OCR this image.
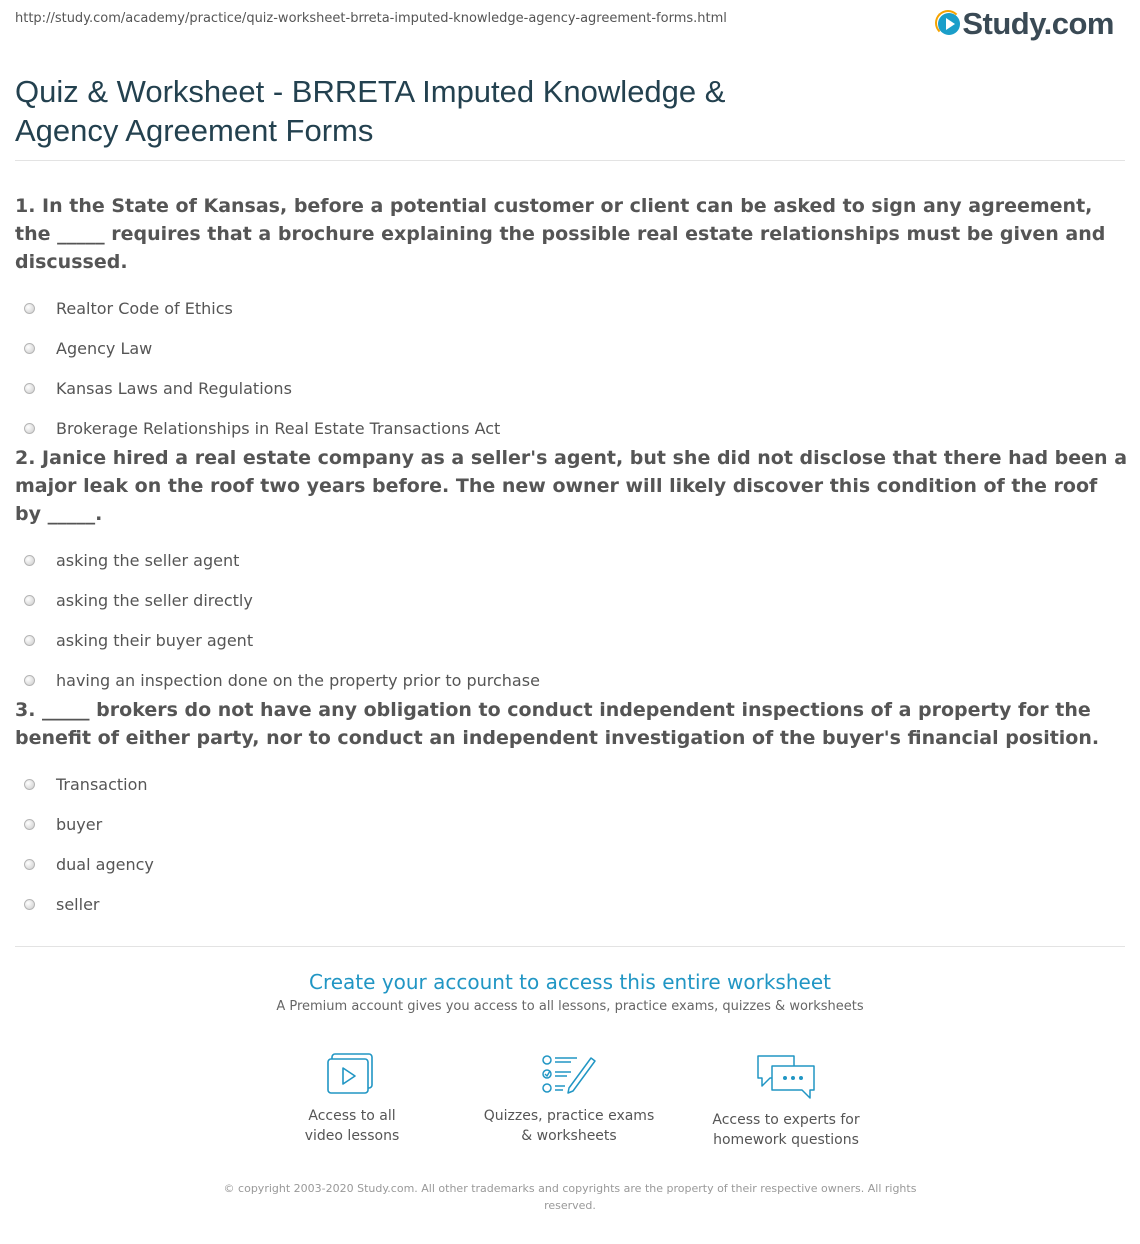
http://study.com/academy/practice/quiz-worksheet-brreta-imputed-knowledge-agency-agreement-forms.html	Study.com
Quiz & Worksheet - BRRETA Imputed Knowledge & Agency Agreement Forms

1. In the State of Kansas, before a potential customer or client can be asked to sign any agreement, the _____ requires that a brochure explaining the possible real estate relationships must be given and discussed.

Realtor Code of Ethics
Agency Law
Kansas Laws and Regulations
Brokerage Relationships in Real Estate Transactions Act

2. Janice hired a real estate company as a seller's agent, but she did not disclose that there had been a major leak on the roof two years before. The new owner will likely discover this condition of the roof by _____.

asking the seller agent
asking the seller directly
asking their buyer agent
having an inspection done on the property prior to purchase

3. _____ brokers do not have any obligation to conduct independent inspections of a property for the benefit of either party, nor to conduct an independent investigation of the buyer's financial position.

Transaction
buyer
dual agency
seller

Create your account to access this entire worksheet

A Premium account gives you access to all lessons, practice exams, quizzes & worksheets
Access to all
video lessons
Quizzes, practice exams
& worksheets
Access to experts for
homework questions
© copyright 2003-2020 Study.com. All other trademarks and copyrights are the property of their respective owners. All rights reserved.
